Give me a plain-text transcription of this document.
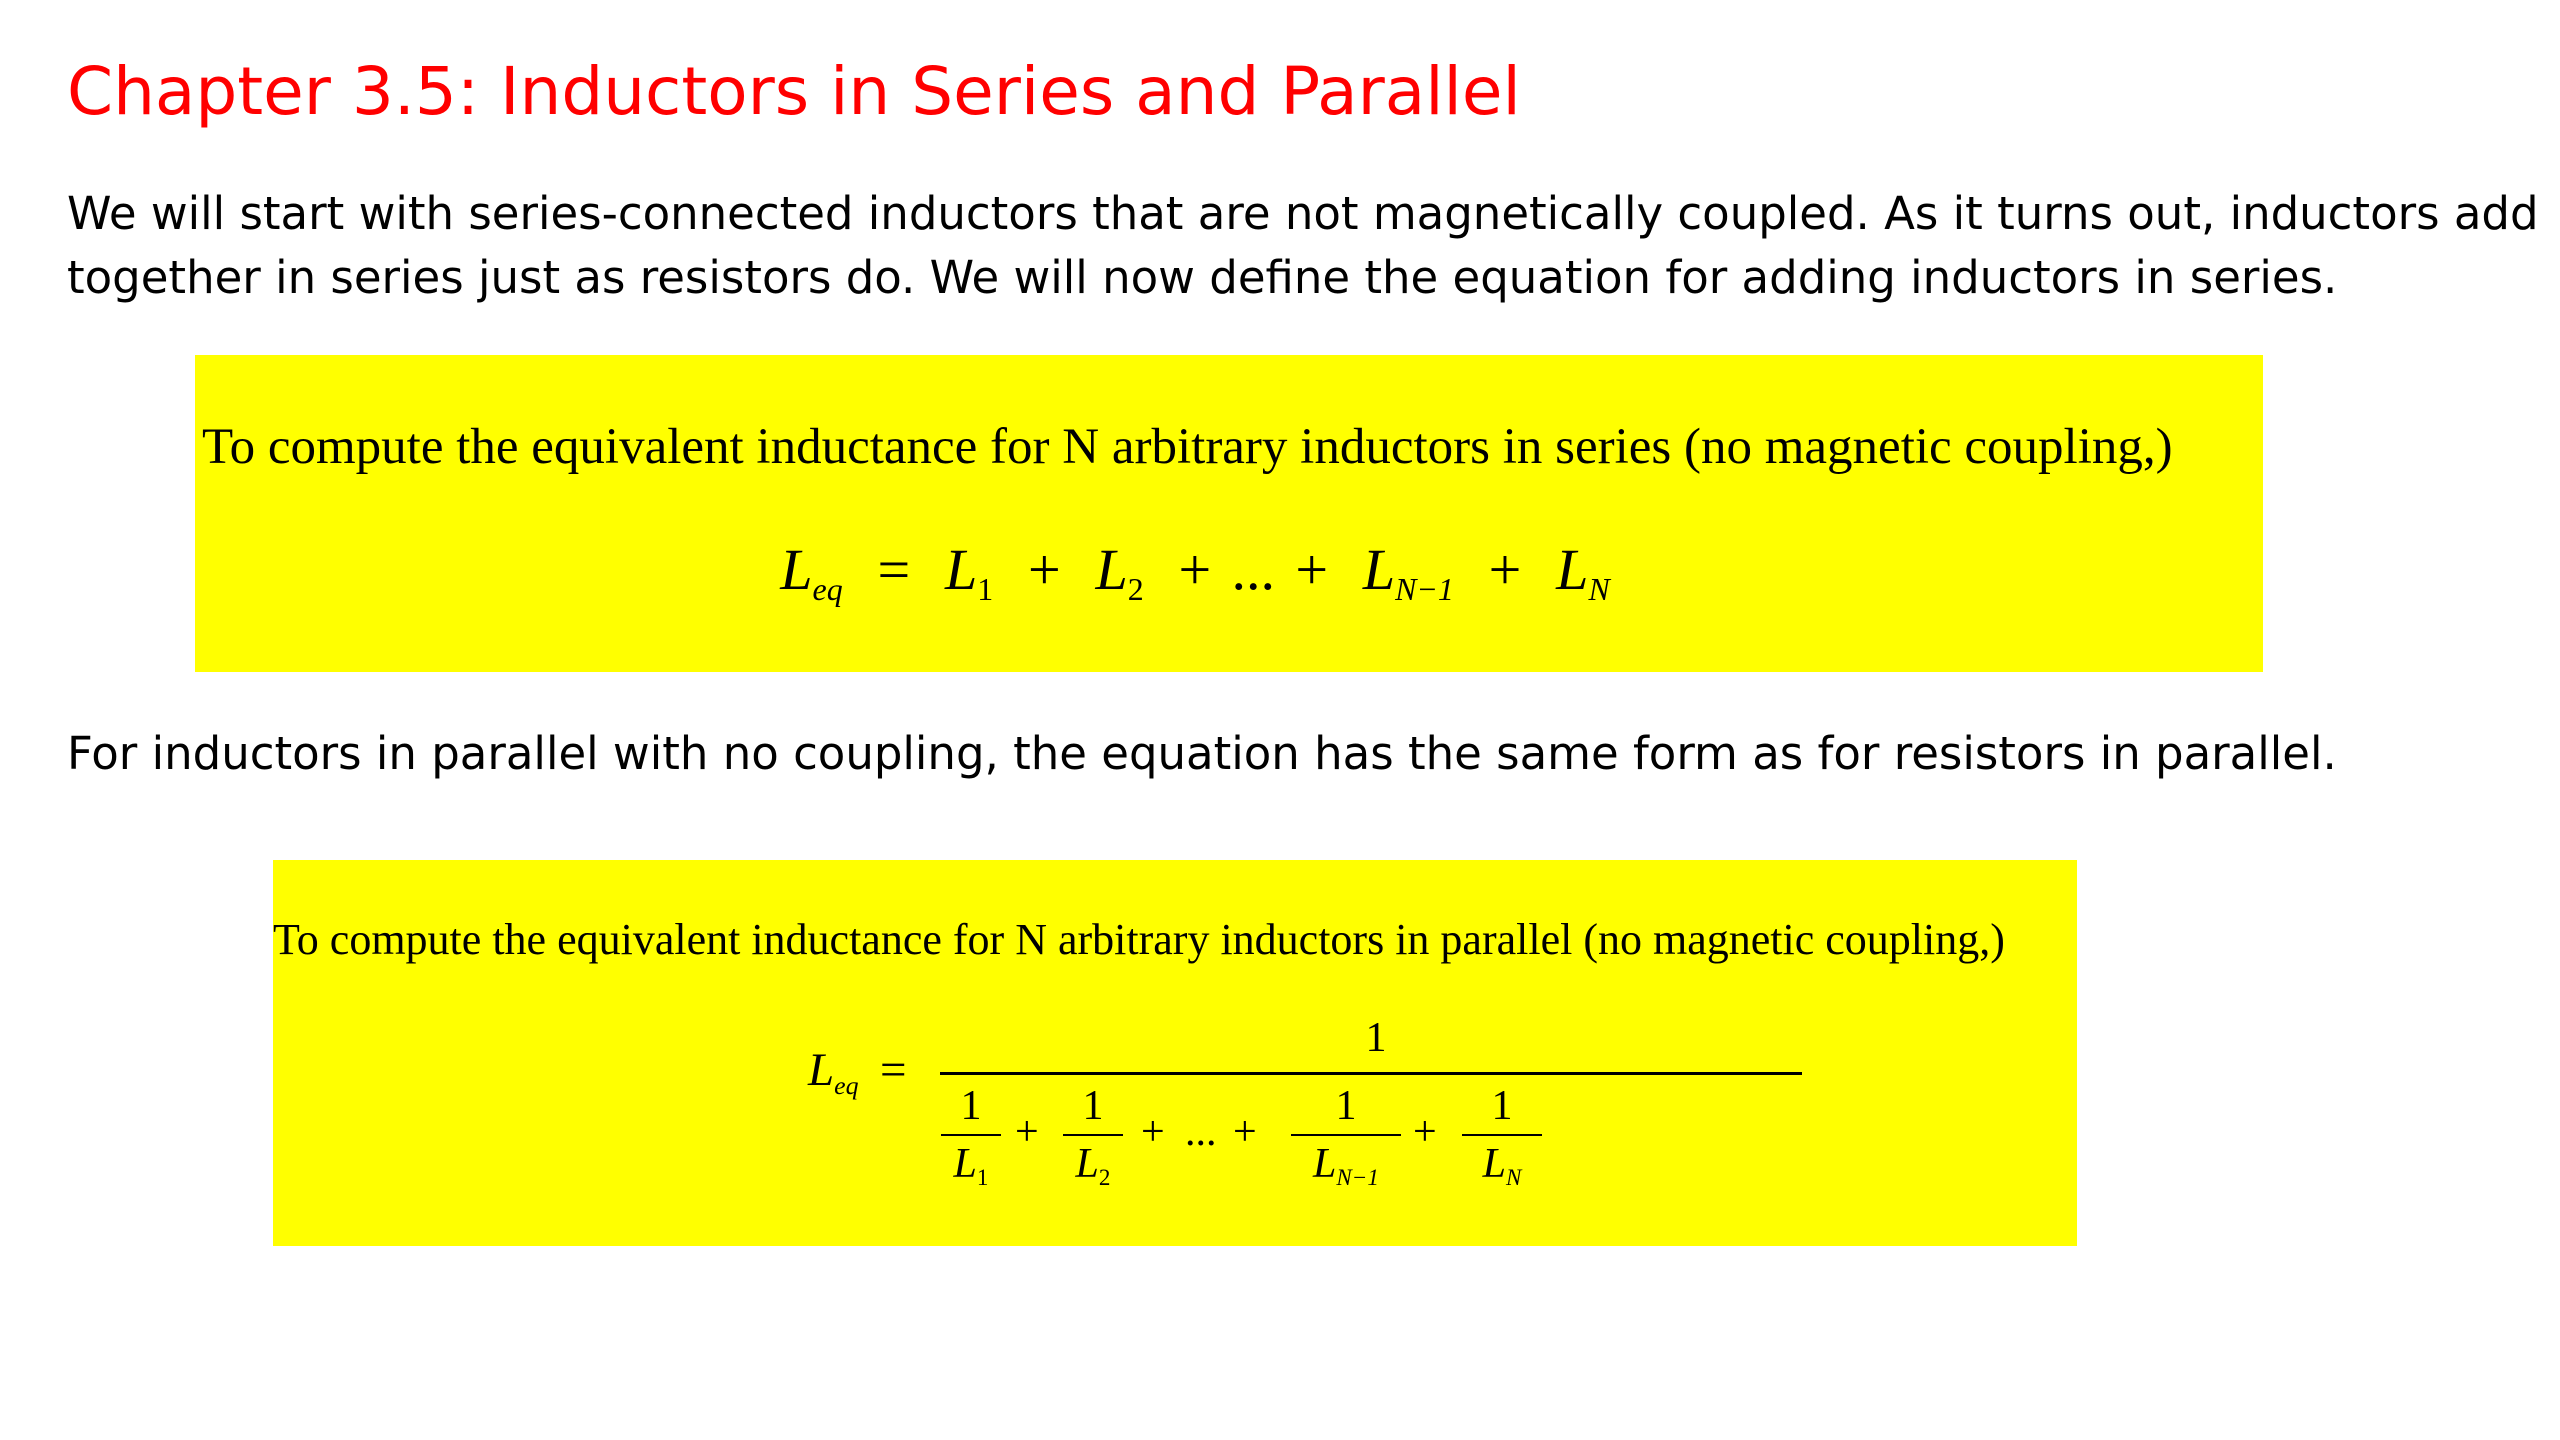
Chapter 3.5: Inductors in Series and Parallel

We will start with series-connected inductors that are not magnetically coupled. As it turns out, inductors add
together in series just as resistors do. We will now define the equation for adding inductors in series.

To compute the equivalent inductance for N arbitrary inductors in series (no magnetic coupling,)
Leq = $L_1 + L_2$ + ... + LN−1 + LN

For inductors in parallel with no coupling, the equation has the same form as for resistors in parallel.

To compute the equivalent inductance for N arbitrary inductors in parallel (no magnetic coupling,)
Leq =
1
1
$L_1$
+
1
$L_2$
+ ... +
1
LN−1
+
1
LN
